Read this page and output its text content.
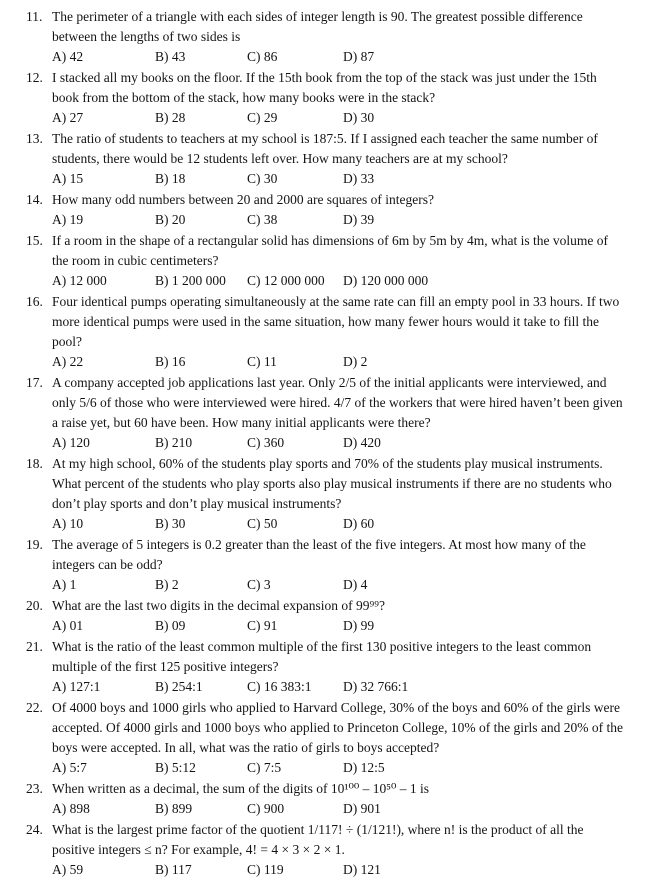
11. The perimeter of a triangle with each sides of integer length is 90. The greatest possible difference between the lengths of two sides is
A) 42	B) 43	C) 86	D) 87
12. I stacked all my books on the floor. If the 15th book from the top of the stack was just under the 15th book from the bottom of the stack, how many books were in the stack?
A) 27	B) 28	C) 29	D) 30
13. The ratio of students to teachers at my school is 187:5. If I assigned each teacher the same number of students, there would be 12 students left over. How many teachers are at my school?
A) 15	B) 18	C) 30	D) 33
14. How many odd numbers between 20 and 2000 are squares of integers?
A) 19	B) 20	C) 38	D) 39
15. If a room in the shape of a rectangular solid has dimensions of 6m by 5m by 4m, what is the volume of the room in cubic centimeters?
A) 12 000	B) 1 200 000	C) 12 000 000	D) 120 000 000
16. Four identical pumps operating simultaneously at the same rate can fill an empty pool in 33 hours. If two more identical pumps were used in the same situation, how many fewer hours would it take to fill the pool?
A) 22	B) 16	C) 11	D) 2
17. A company accepted job applications last year. Only 2/5 of the initial applicants were interviewed, and only 5/6 of those who were interviewed were hired. 4/7 of the workers that were hired haven’t been given a raise yet, but 60 have been. How many initial applicants were there?
A) 120	B) 210	C) 360	D) 420
18. At my high school, 60% of the students play sports and 70% of the students play musical instruments. What percent of the students who play sports also play musical instruments if there are no students who don’t play sports and don’t play musical instruments?
A) 10	B) 30	C) 50	D) 60
19. The average of 5 integers is 0.2 greater than the least of the five integers. At most how many of the integers can be odd?
A) 1	B) 2	C) 3	D) 4
20. What are the last two digits in the decimal expansion of 99⁹⁹?
A) 01	B) 09	C) 91	D) 99
21. What is the ratio of the least common multiple of the first 130 positive integers to the least common multiple of the first 125 positive integers?
A) 127:1	B) 254:1	C) 16 383:1	D) 32 766:1
22. Of 4000 boys and 1000 girls who applied to Harvard College, 30% of the boys and 60% of the girls were accepted. Of 4000 girls and 1000 boys who applied to Princeton College, 10% of the girls and 20% of the boys were accepted. In all, what was the ratio of girls to boys accepted?
A) 5:7	B) 5:12	C) 7:5	D) 12:5
23. When written as a decimal, the sum of the digits of 10¹⁰⁰ – 10⁵⁰ – 1 is
A) 898	B) 899	C) 900	D) 901
24. What is the largest prime factor of the quotient 1/117! ÷ (1/121!), where n! is the product of all the positive integers ≤ n? For example, 4! = 4 × 3 × 2 × 1.
A) 59	B) 117	C) 119	D) 121
